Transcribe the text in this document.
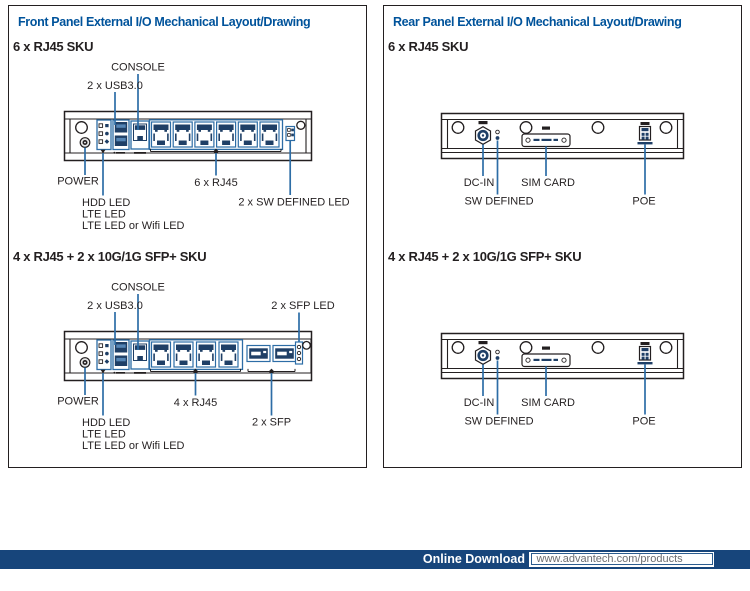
Front Panel External I/O Mechanical Layout/Drawing
6 x RJ45 SKU
CONSOLE
2 x USB3.0
POWER
HDD LED
LTE LED
LTE LED or Wifi LED
6 x RJ45
2 x SW DEFINED LED
4 x RJ45 + 2 x 10G/1G SFP+ SKU
CONSOLE
2 x USB3.0	2 x SFP LED
POWER
HDD LED
LTE LED
LTE LED or Wifi LED
4 x RJ45
2 x SFP
Rear Panel External I/O Mechanical Layout/Drawing
6 x RJ45 SKU
DC-IN SIM CARD
SW DEFINED	POE
4 x RJ45 + 2 x 10G/1G SFP+ SKU
DC-IN SIM CARD
SW DEFINED	POE
Online Download	www.advantech.com/products
